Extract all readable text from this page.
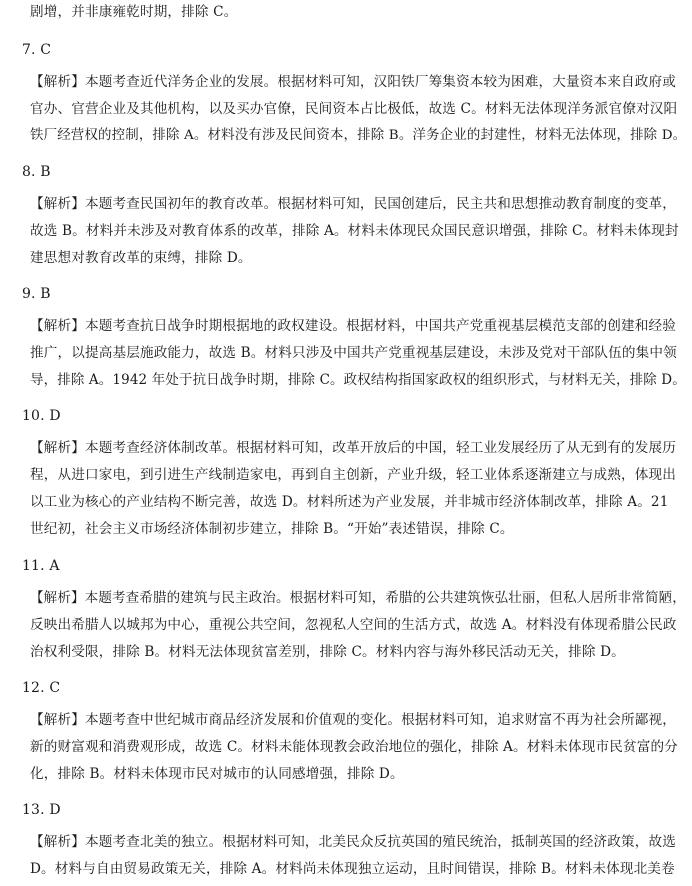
剧增，并非康雍乾时期，排除 C。
7. C
【解析】本题考查近代洋务企业的发展。根据材料可知，汉阳铁厂筹集资本较为困难，大量资本来自政府或
官办、官营企业及其他机构，以及买办官僚，民间资本占比极低，故选 C。材料无法体现洋务派官僚对汉阳
铁厂经营权的控制，排除 A。材料没有涉及民间资本，排除 B。洋务企业的封建性，材料无法体现，排除 D。
8. B
【解析】本题考查民国初年的教育改革。根据材料可知，民国创建后，民主共和思想推动教育制度的变革，
故选 B。材料并未涉及对教育体系的改革，排除 A。材料未体现民众国民意识增强，排除 C。材料未体现封
建思想对教育改革的束缚，排除 D。
9. B
【解析】本题考查抗日战争时期根据地的政权建设。根据材料，中国共产党重视基层模范支部的创建和经验
推广，以提高基层施政能力，故选 B。材料只涉及中国共产党重视基层建设，未涉及党对干部队伍的集中领
导，排除 A。1942 年处于抗日战争时期，排除 C。政权结构指国家政权的组织形式，与材料无关，排除 D。
10. D
【解析】本题考查经济体制改革。根据材料可知，改革开放后的中国，轻工业发展经历了从无到有的发展历
程，从进口家电，到引进生产线制造家电，再到自主创新，产业升级，轻工业体系逐渐建立与成熟，体现出
以工业为核心的产业结构不断完善，故选 D。材料所述为产业发展，并非城市经济体制改革，排除 A。21
世纪初，社会主义市场经济体制初步建立，排除 B。“开始”表述错误，排除 C。
11. A
【解析】本题考查希腊的建筑与民主政治。根据材料可知，希腊的公共建筑恢弘壮丽，但私人居所非常简陋，
反映出希腊人以城邦为中心，重视公共空间，忽视私人空间的生活方式，故选 A。材料没有体现希腊公民政
治权利受限，排除 B。材料无法体现贫富差别，排除 C。材料内容与海外移民活动无关，排除 D。
12. C
【解析】本题考查中世纪城市商品经济发展和价值观的变化。根据材料可知，追求财富不再为社会所鄙视，
新的财富观和消费观形成，故选 C。材料未能体现教会政治地位的强化，排除 A。材料未体现市民贫富的分
化，排除 B。材料未体现市民对城市的认同感增强，排除 D。
13. D
【解析】本题考查北美的独立。根据材料可知，北美民众反抗英国的殖民统治，抵制英国的经济政策，故选
D。材料与自由贸易政策无关，排除 A。材料尚未体现独立运动，且时间错误，排除 B。材料未体现北美卷
